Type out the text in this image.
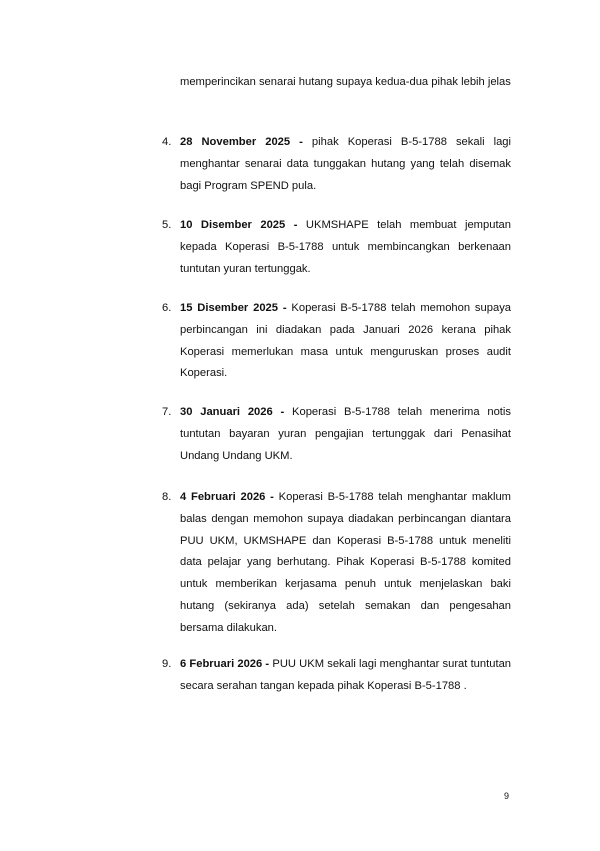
memperincikan senarai hutang supaya kedua-dua pihak lebih jelas

4. 28 November 2025 - pihak Koperasi B-5-1788 sekali lagi menghantar senarai data tunggakan hutang yang telah disemak bagi Program SPEND pula.

5. 10 Disember 2025 - UKMSHAPE telah membuat jemputan kepada Koperasi B-5-1788 untuk membincangkan berkenaan tuntutan yuran tertunggak.

6. 15 Disember 2025 - Koperasi B-5-1788 telah memohon supaya perbincangan ini diadakan pada Januari 2026 kerana pihak Koperasi memerlukan masa untuk menguruskan proses audit Koperasi.

7. 30 Januari 2026 - Koperasi B-5-1788 telah menerima notis tuntutan bayaran yuran pengajian tertunggak dari Penasihat Undang Undang UKM.

8. 4 Februari 2026 - Koperasi B-5-1788 telah menghantar maklum balas dengan memohon supaya diadakan perbincangan diantara PUU UKM, UKMSHAPE dan Koperasi B-5-1788 untuk meneliti data pelajar yang berhutang. Pihak Koperasi B-5-1788 komited untuk memberikan kerjasama penuh untuk menjelaskan baki hutang (sekiranya ada) setelah semakan dan pengesahan bersama dilakukan.

9. 6 Februari 2026 - PUU UKM sekali lagi menghantar surat tuntutan secara serahan tangan kepada pihak Koperasi B-5-1788 .

9
